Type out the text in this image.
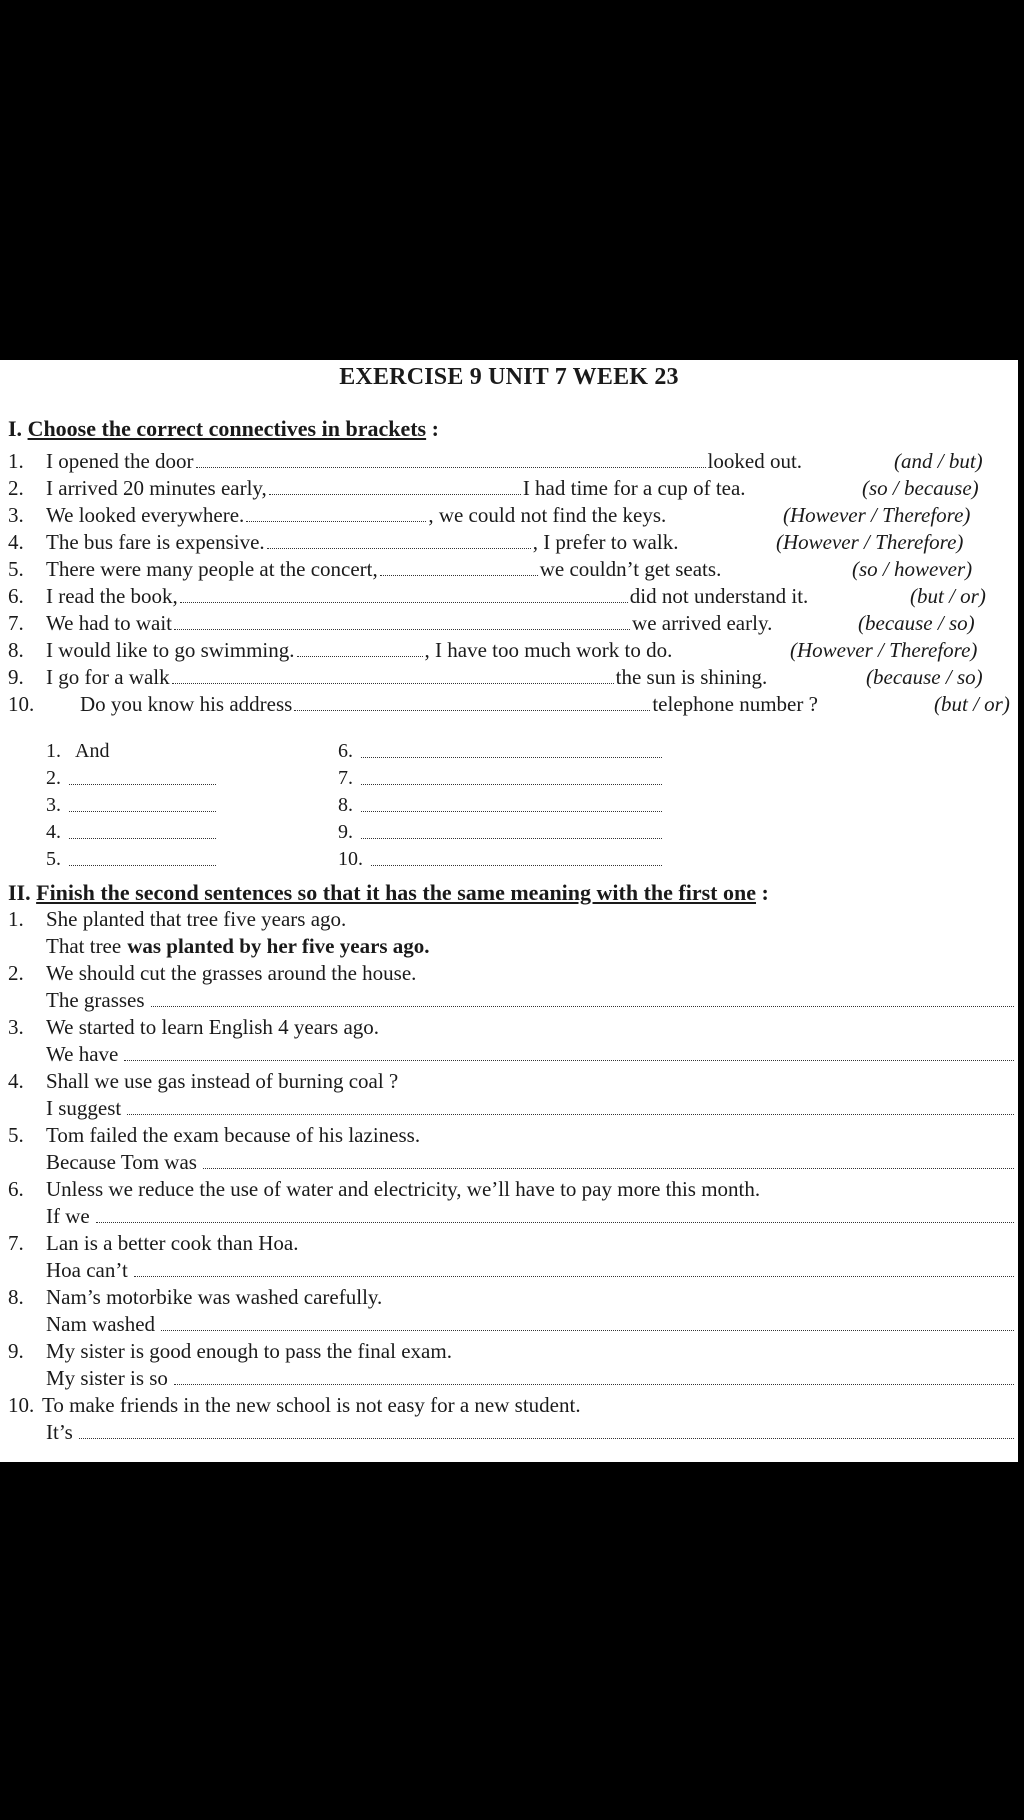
EXERCISE 9 UNIT 7 WEEK 23
I. Choose the correct connectives in brackets :
1. I opened the door	looked out.	(and / but)
2. I arrived 20 minutes early,	I had time for a cup of tea.	(so / because)
3. We looked everywhere.	, we could not find the keys.	(However / Therefore)
4. The bus fare is expensive.	, I prefer to walk.	(However / Therefore)
5. There were many people at the concert,	we couldn’t get seats.	(so / however)
6. I read the book,	did not understand it.	(but / or)
7. We had to wait	we arrived early.	(because / so)
8. I would like to go swimming.	, I have too much work to do.	(However / Therefore)
9. I go for a walk	the sun is shining.	(because / so)
10. Do you know his address	telephone number ?	(but / or)
1. And
2.
3.
4.
5.
6.
7.
8.
9.
10.
II. Finish the second sentences so that it has the same meaning with the first one :
1. She planted that tree five years ago.
That tree was planted by her five years ago.
2. We should cut the grasses around the house.
The grasses
3. We started to learn English 4 years ago.
We have
4. Shall we use gas instead of burning coal ?
I suggest
5. Tom failed the exam because of his laziness.
Because Tom was
6. Unless we reduce the use of water and electricity, we’ll have to pay more this month.
If we
7. Lan is a better cook than Hoa.
Hoa can’t
8. Nam’s motorbike was washed carefully.
Nam washed
9. My sister is good enough to pass the final exam.
My sister is so
10. To make friends in the new school is not easy for a new student.
It’s
